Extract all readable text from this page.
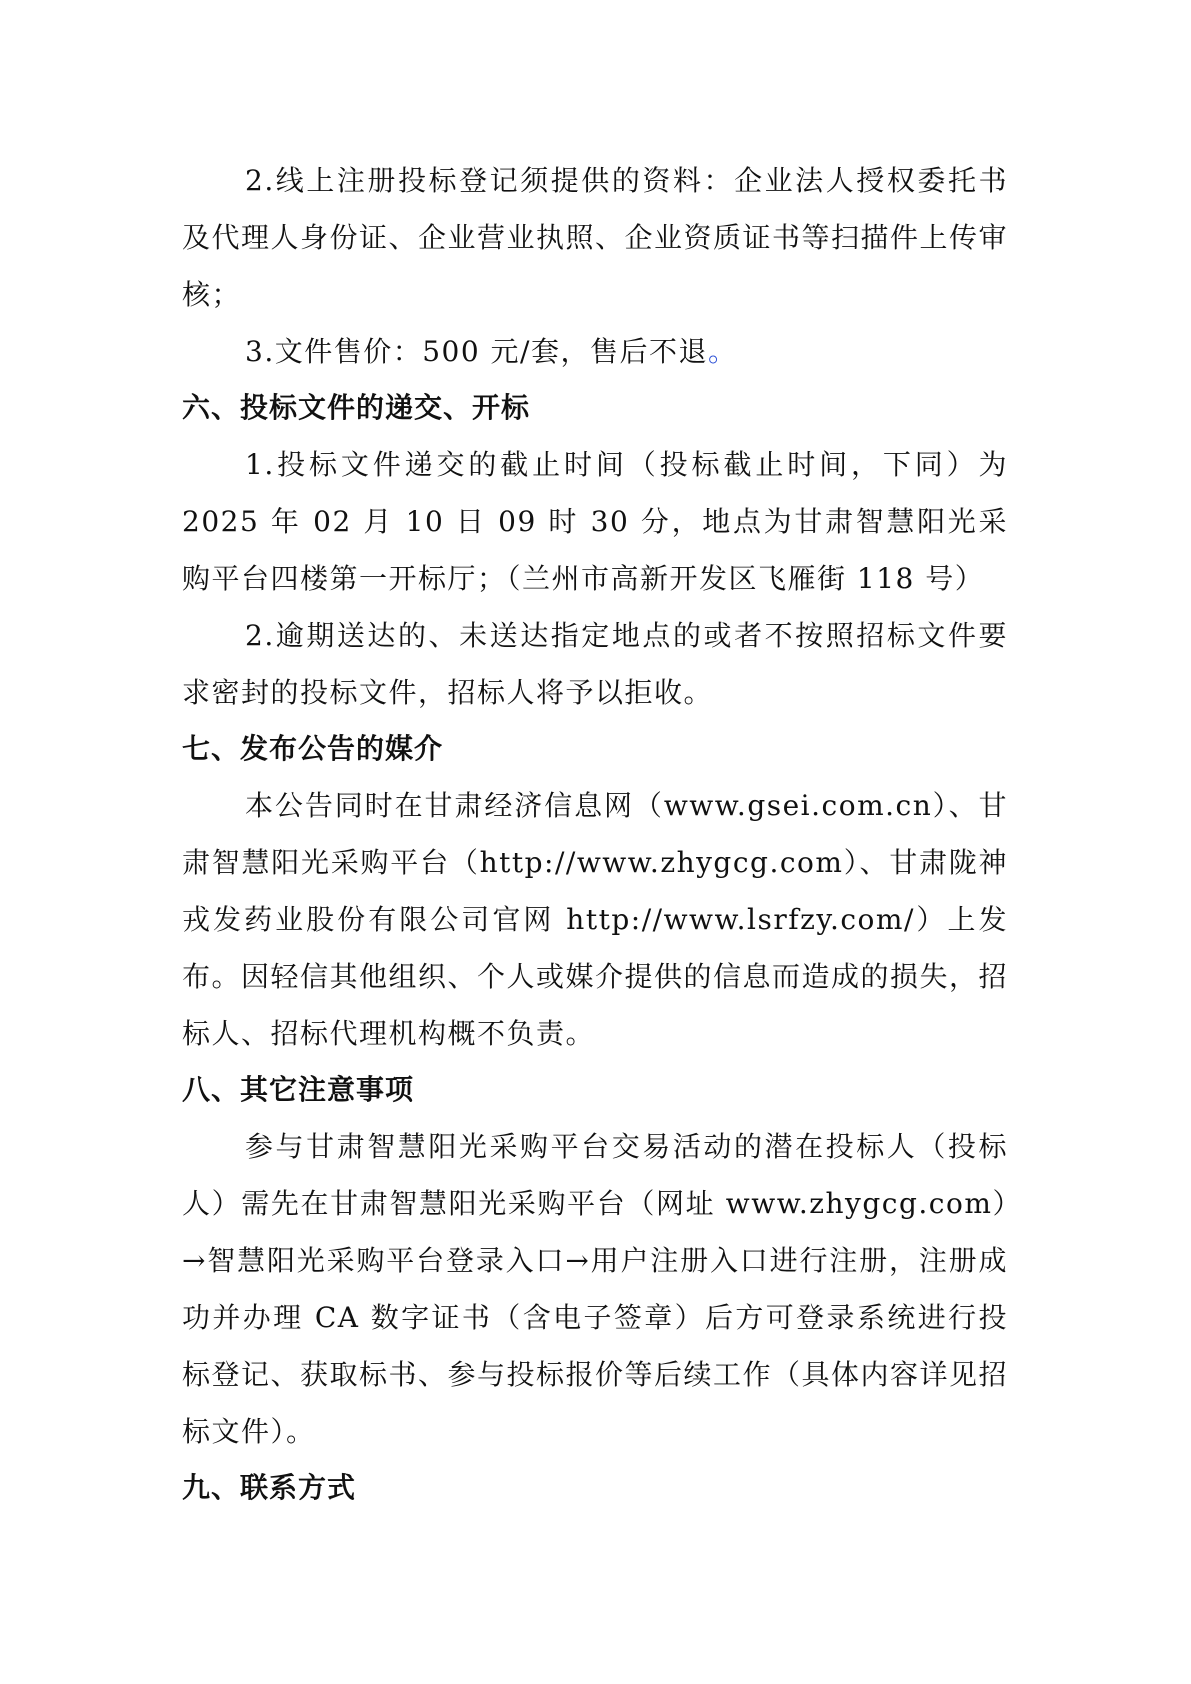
2.线上注册投标登记须提供的资料：企业法人授权委托书及代理人身份证、企业营业执照、企业资质证书等扫描件上传审核；

3.文件售价：500 元/套，售后不退。

六、投标文件的递交、开标

1.投标文件递交的截止时间（投标截止时间，下同）为2025 年 02 月 10 日 09 时 30 分，地点为甘肃智慧阳光采购平台四楼第一开标厅；（兰州市高新开发区飞雁街 118 号）

2.逾期送达的、未送达指定地点的或者不按照招标文件要求密封的投标文件，招标人将予以拒收。

七、发布公告的媒介

本公告同时在甘肃经济信息网（www.gsei.com.cn）、甘肃智慧阳光采购平台（http://www.zhygcg.com）、甘肃陇神戎发药业股份有限公司官网 http://www.lsrfzy.com/）上发布。因轻信其他组织、个人或媒介提供的信息而造成的损失，招标人、招标代理机构概不负责。

八、其它注意事项

参与甘肃智慧阳光采购平台交易活动的潜在投标人（投标人）需先在甘肃智慧阳光采购平台（网址 www.zhygcg.com）→智慧阳光采购平台登录入口→用户注册入口进行注册，注册成功并办理 CA 数字证书（含电子签章）后方可登录系统进行投标登记、获取标书、参与投标报价等后续工作（具体内容详见招标文件）。

九、联系方式
